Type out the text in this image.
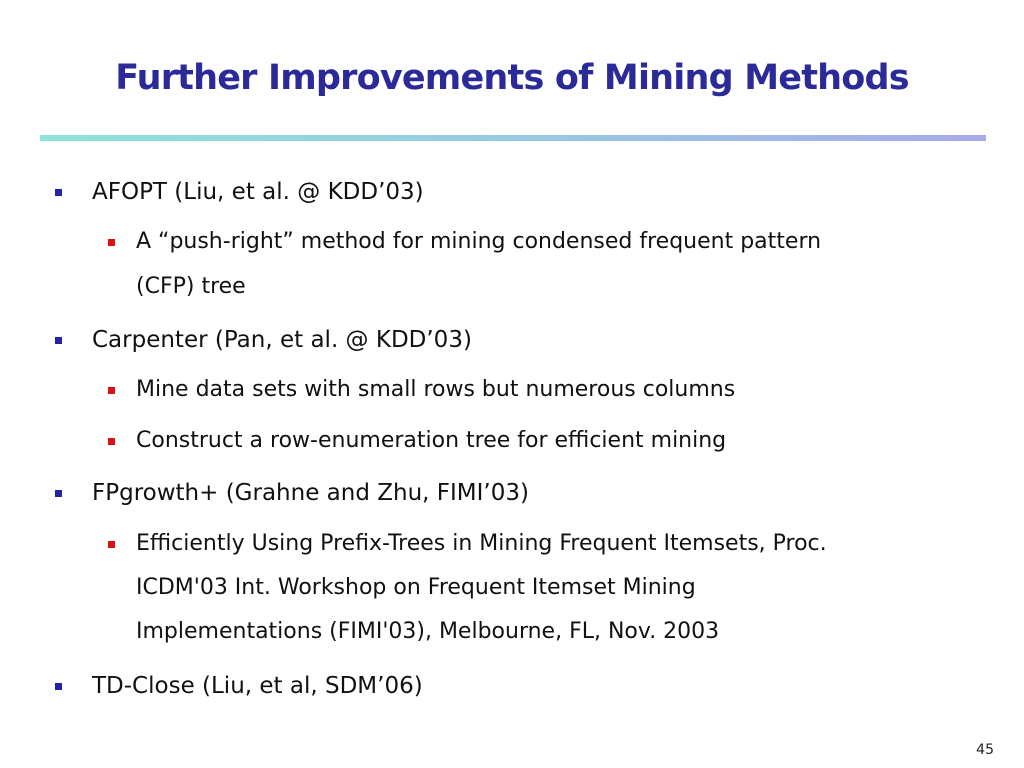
Further Improvements of Mining Methods
AFOPT (Liu, et al. @ KDD’03)
A “push-right” method for mining condensed frequent pattern
(CFP) tree
Carpenter (Pan, et al. @ KDD’03)
Mine data sets with small rows but numerous columns
Construct a row-enumeration tree for efficient mining
FPgrowth+ (Grahne and Zhu, FIMI’03)
Efficiently Using Prefix-Trees in Mining Frequent Itemsets, Proc.
ICDM'03 Int. Workshop on Frequent Itemset Mining
Implementations (FIMI'03), Melbourne, FL, Nov. 2003
TD-Close (Liu, et al, SDM’06)
45
